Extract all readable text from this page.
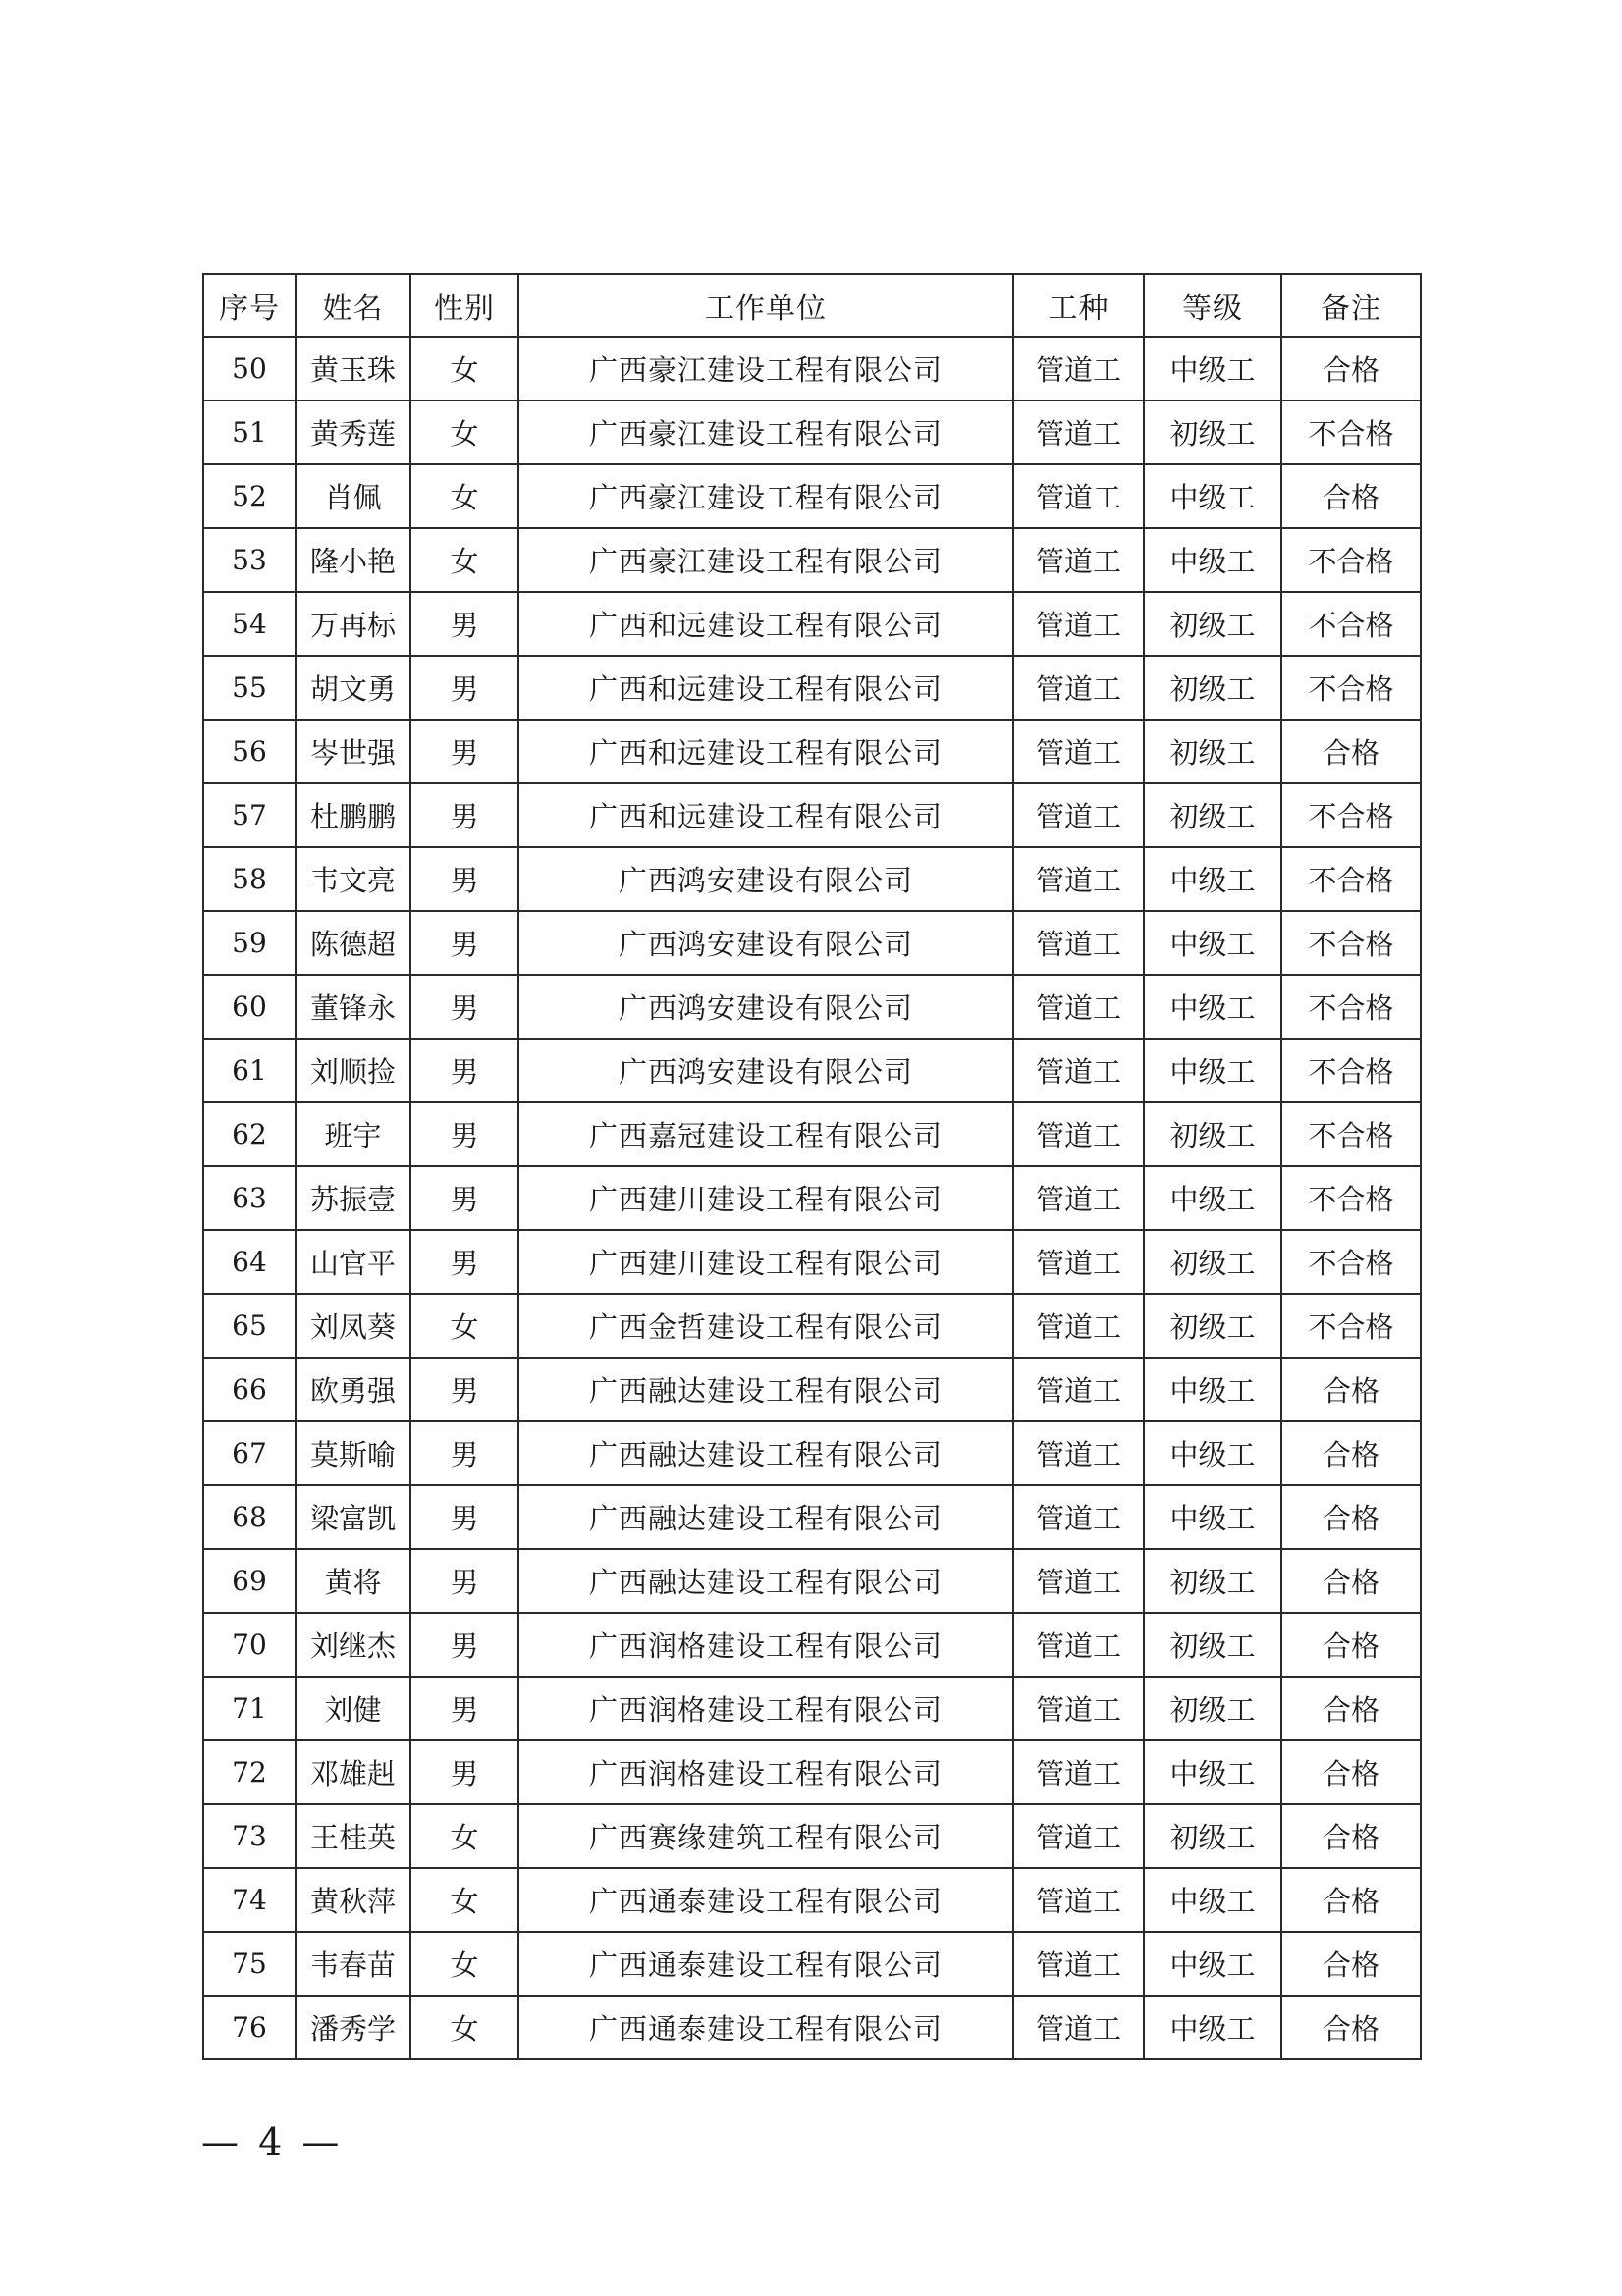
序号	姓名	性别	工作单位	工种	等级	备注
50	黄玉珠	女	广西豪江建设工程有限公司	管道工	中级工	合格
51	黄秀莲	女	广西豪江建设工程有限公司	管道工	初级工	不合格
52	肖佩	女	广西豪江建设工程有限公司	管道工	中级工	合格
53	隆小艳	女	广西豪江建设工程有限公司	管道工	中级工	不合格
54	万再标	男	广西和远建设工程有限公司	管道工	初级工	不合格
55	胡文勇	男	广西和远建设工程有限公司	管道工	初级工	不合格
56	岑世强	男	广西和远建设工程有限公司	管道工	初级工	合格
57	杜鹏鹏	男	广西和远建设工程有限公司	管道工	初级工	不合格
58	韦文亮	男	广西鸿安建设有限公司	管道工	中级工	不合格
59	陈德超	男	广西鸿安建设有限公司	管道工	中级工	不合格
60	董锋永	男	广西鸿安建设有限公司	管道工	中级工	不合格
61	刘顺捡	男	广西鸿安建设有限公司	管道工	中级工	不合格
62	班宇	男	广西嘉冠建设工程有限公司	管道工	初级工	不合格
63	苏振壹	男	广西建川建设工程有限公司	管道工	中级工	不合格
64	山官平	男	广西建川建设工程有限公司	管道工	初级工	不合格
65	刘凤葵	女	广西金哲建设工程有限公司	管道工	初级工	不合格
66	欧勇强	男	广西融达建设工程有限公司	管道工	中级工	合格
67	莫斯喻	男	广西融达建设工程有限公司	管道工	中级工	合格
68	梁富凯	男	广西融达建设工程有限公司	管道工	中级工	合格
69	黄将	男	广西融达建设工程有限公司	管道工	初级工	合格
70	刘继杰	男	广西润格建设工程有限公司	管道工	初级工	合格
71	刘健	男	广西润格建设工程有限公司	管道工	初级工	合格
72	邓雄赳	男	广西润格建设工程有限公司	管道工	中级工	合格
73	王桂英	女	广西赛缘建筑工程有限公司	管道工	初级工	合格
74	黄秋萍	女	广西通泰建设工程有限公司	管道工	中级工	合格
75	韦春苗	女	广西通泰建设工程有限公司	管道工	中级工	合格
76	潘秀学	女	广西通泰建设工程有限公司	管道工	中级工	合格
— 4 —
